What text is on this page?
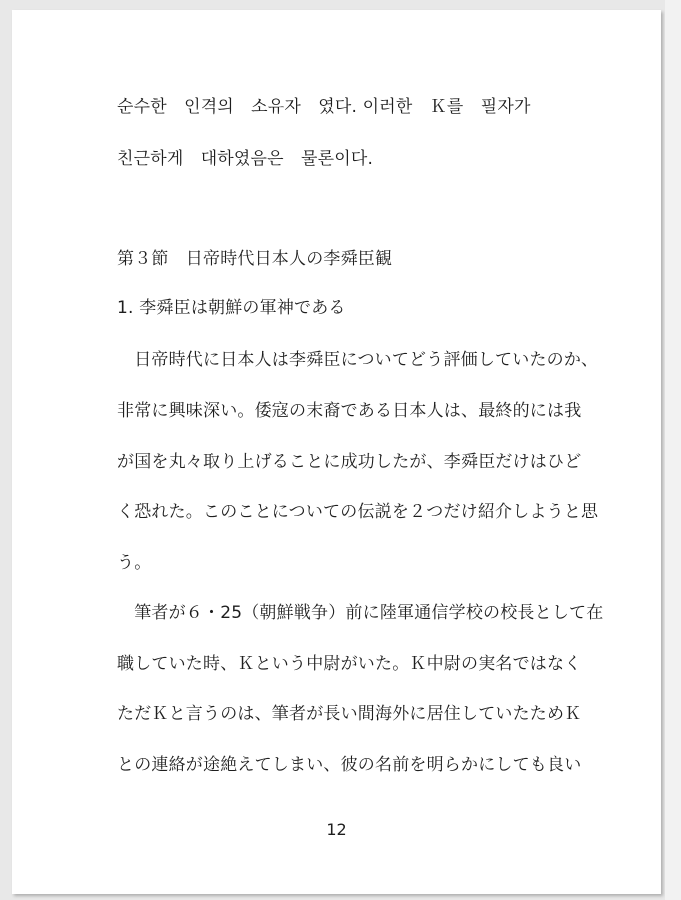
순수한　인격의　소유자　였다. 이러한　Ｋ를　필자가
친근하게　대하였음은　물론이다.
第３節　日帝時代日本人の李舜臣観
1. 李舜臣は朝鮮の軍神である
　日帝時代に日本人は李舜臣についてどう評価していたのか、
非常に興味深い。倭寇の末裔である日本人は、最終的には我
が国を丸々取り上げることに成功したが、李舜臣だけはひど
く恐れた。このことについての伝説を２つだけ紹介しようと思
う。
　筆者が６・25（朝鮮戦争）前に陸軍通信学校の校長として在
職していた時、Ｋという中尉がいた。Ｋ中尉の実名ではなく
ただＫと言うのは、筆者が長い間海外に居住していたためＫ
との連絡が途絶えてしまい、彼の名前を明らかにしても良い
12
